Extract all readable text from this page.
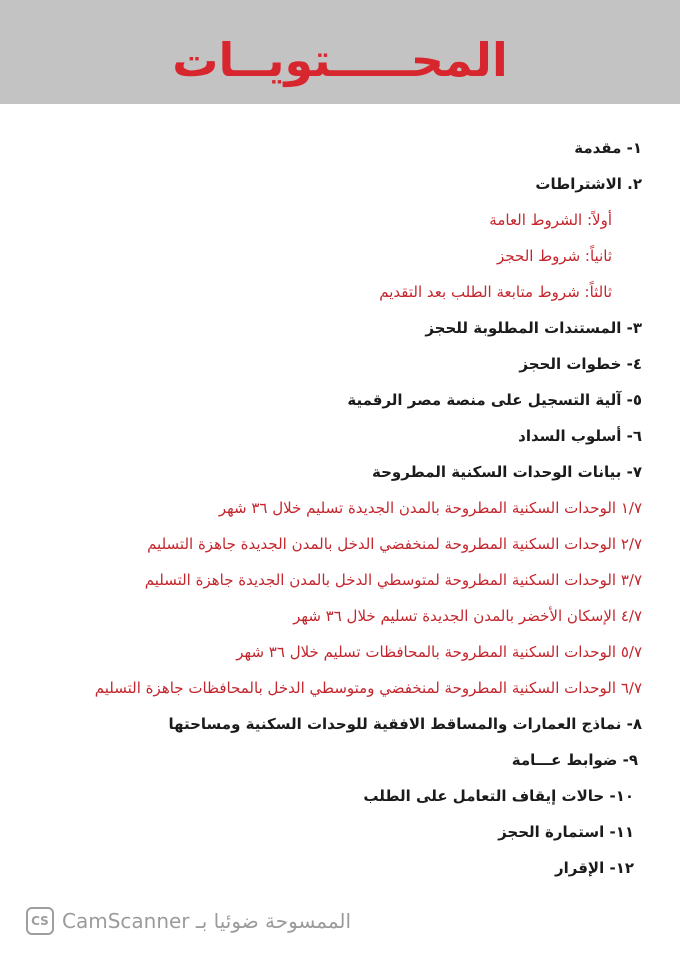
المحـــــتويــات
١- مقدمة
٢. الاشتراطات
أولاً: الشروط العامة
ثانياً: شروط الحجز
ثالثاً: شروط متابعة الطلب بعد التقديم
٣- المستندات المطلوبة للحجز
٤- خطوات الحجز
٥- آلية التسجيل على منصة مصر الرقمية
٦- أسلوب السداد
٧- بيانات الوحدات السكنية المطروحة
١/٧ الوحدات السكنية المطروحة بالمدن الجديدة تسليم خلال ٣٦ شهر
٢/٧ الوحدات السكنية المطروحة لمنخفضي الدخل بالمدن الجديدة جاهزة التسليم
٣/٧ الوحدات السكنية المطروحة لمتوسطي الدخل بالمدن الجديدة جاهزة التسليم
٤/٧ الإسكان الأخضر بالمدن الجديدة تسليم خلال ٣٦ شهر
٥/٧ الوحدات السكنية المطروحة بالمحافظات تسليم خلال ٣٦ شهر
٦/٧ الوحدات السكنية المطروحة لمنخفضي ومتوسطي الدخل بالمحافظات جاهزة التسليم
٨- نماذج العمارات والمساقط الافقية للوحدات السكنية ومساحتها
٩- ضوابط عـــامة
١٠- حالات إيقاف التعامل على الطلب
١١- استمارة الحجز
١٢- الإقرار
CS CamScanner الممسوحة ضوئيا بـ
